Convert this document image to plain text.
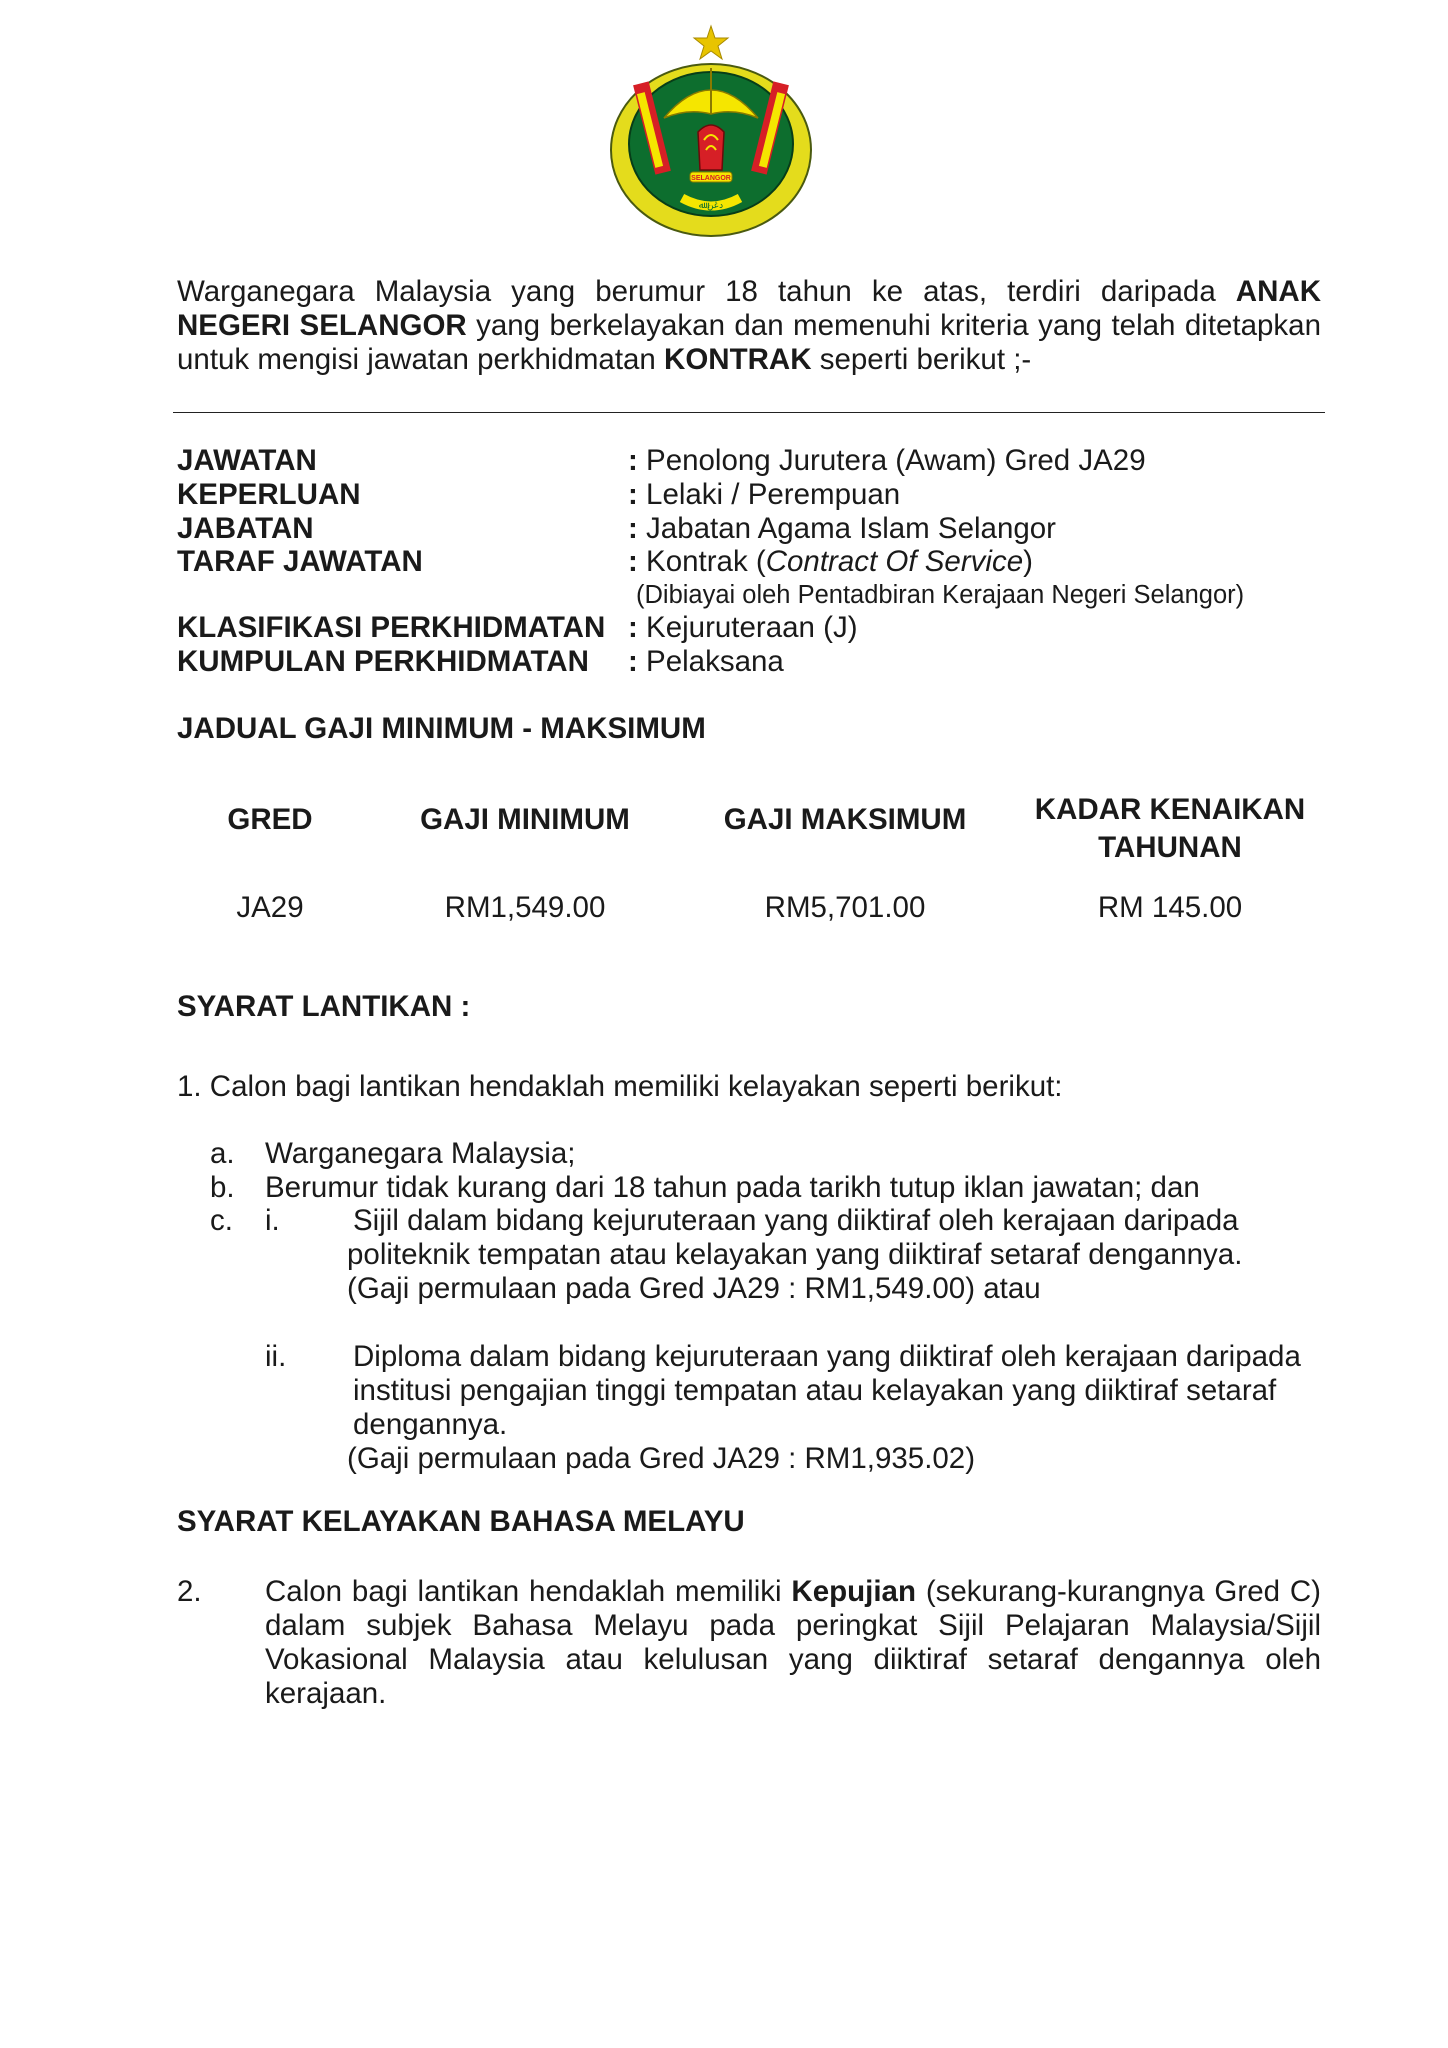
SELANGOR
دڠن ﷲ
Warganegara Malaysia yang berumur 18 tahun ke atas, terdiri daripada ANAK NEGERI SELANGOR yang berkelayakan dan memenuhi kriteria yang telah ditetapkan untuk mengisi jawatan perkhidmatan KONTRAK seperti berikut ;-
JAWATAN	: Penolong Jurutera (Awam) Gred JA29
KEPERLUAN	: Lelaki / Perempuan
JABATAN	: Jabatan Agama Islam Selangor
TARAF JAWATAN	: Kontrak (Contract Of Service)
(Dibiayai oleh Pentadbiran Kerajaan Negeri Selangor)
KLASIFIKASI PERKHIDMATAN : Kejuruteraan (J)
KUMPULAN PERKHIDMATAN : Pelaksana
JADUAL GAJI MINIMUM - MAKSIMUM
GRED	GAJI MINIMUM	GAJI MAKSIMUM	KADAR KENAIKAN
TAHUNAN
JA29	RM1,549.00	RM5,701.00	RM 145.00
SYARAT LANTIKAN :
1. Calon bagi lantikan hendaklah memiliki kelayakan seperti berikut:
a. Warganegara Malaysia;
b. Berumur tidak kurang dari 18 tahun pada tarikh tutup iklan jawatan; dan
c. i. Sijil dalam bidang kejuruteraan yang diiktiraf oleh kerajaan daripada
politeknik tempatan atau kelayakan yang diiktiraf setaraf dengannya.
(Gaji permulaan pada Gred JA29 : RM1,549.00) atau
ii. Diploma dalam bidang kejuruteraan yang diiktiraf oleh kerajaan daripada
institusi pengajian tinggi tempatan atau kelayakan yang diiktiraf setaraf
dengannya.
(Gaji permulaan pada Gred JA29 : RM1,935.02)
SYARAT KELAYAKAN BAHASA MELAYU
2. Calon bagi lantikan hendaklah memiliki Kepujian (sekurang-kurangnya Gred C) dalam subjek Bahasa Melayu pada peringkat Sijil Pelajaran Malaysia/Sijil Vokasional Malaysia atau kelulusan yang diiktiraf setaraf dengannya oleh kerajaan.
